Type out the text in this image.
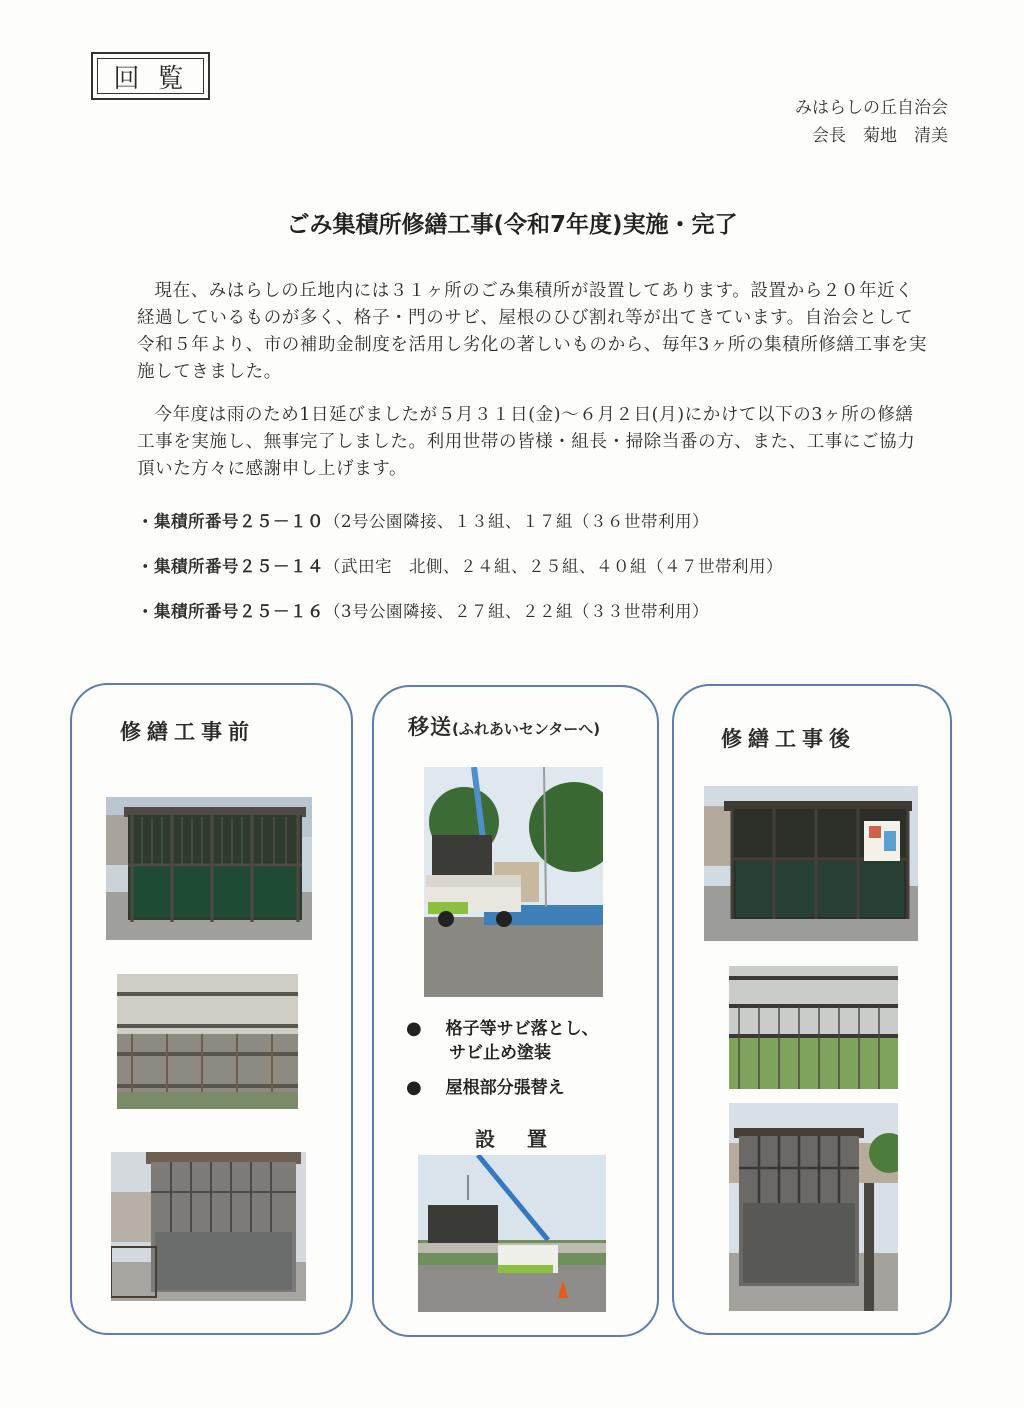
回覧
みはらしの丘自治会
会長　菊地　清美
ごみ集積所修繕工事(令和7年度)実施・完了
現在、みはらしの丘地内には３１ヶ所のごみ集積所が設置してあります。設置から２０年近く経過しているものが多く、格子・門のサビ、屋根のひび割れ等が出てきています。自治会として令和５年より、市の補助金制度を活用し劣化の著しいものから、毎年3ヶ所の集積所修繕工事を実施してきました。
今年度は雨のため1日延びましたが５月３１日(金)～６月２日(月)にかけて以下の3ヶ所の修繕工事を実施し、無事完了しました。利用世帯の皆様・組長・掃除当番の方、また、工事にご協力頂いた方々に感謝申し上げます。
・集積所番号２５－１０（2号公園隣接、１３組、１７組（３６世帯利用）
・集積所番号２５－１４（武田宅　北側、２４組、２５組、４０組（４７世帯利用）
・集積所番号２５－１６（3号公園隣接、２７組、２２組（３３世帯利用）
修繕工事前	移送(ふれあいセンターへ)
● 格子等サビ落とし、
サビ止め塗装
● 屋根部分張替え
設　置
修繕工事後
